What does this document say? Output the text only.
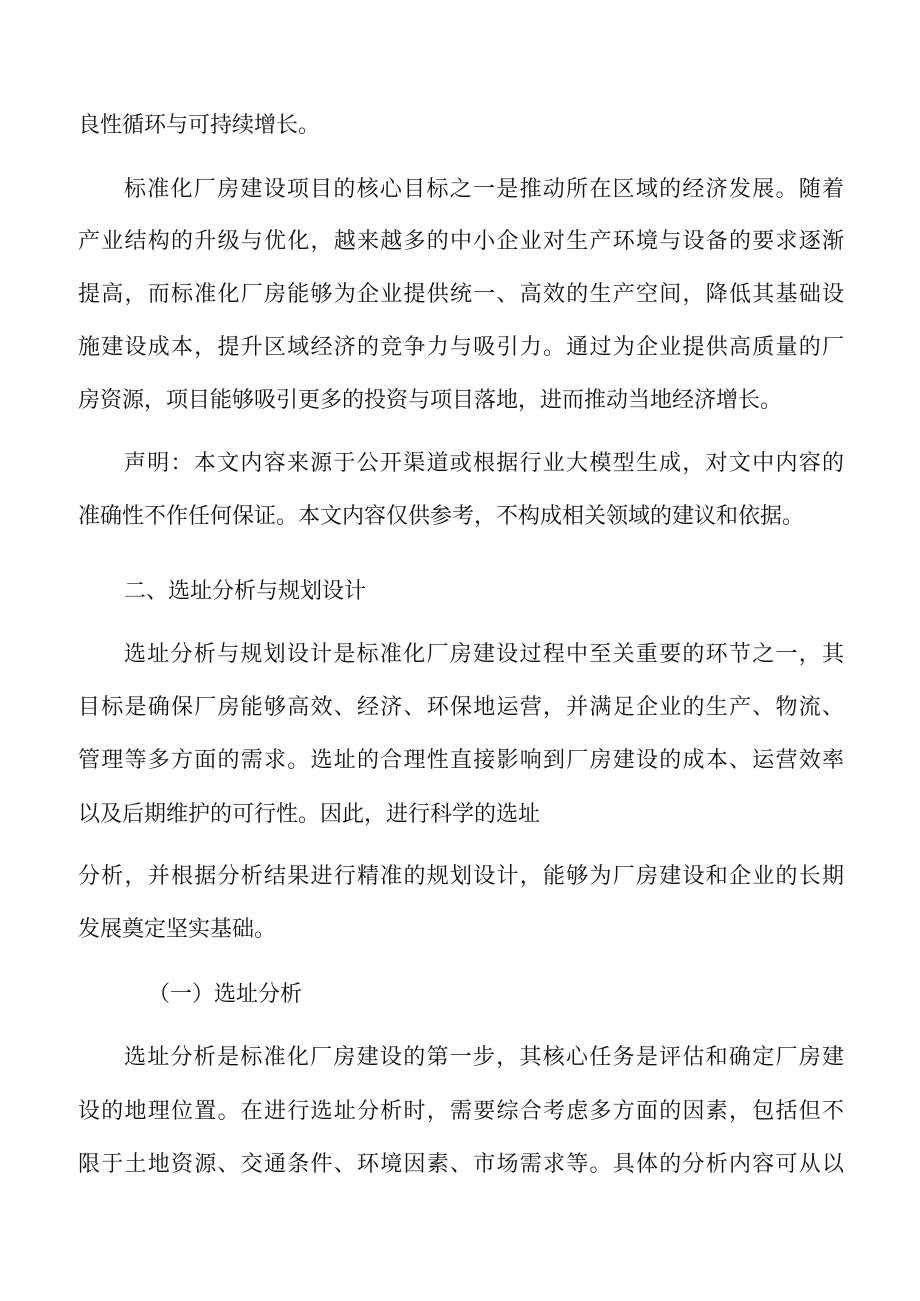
良性循环与可持续增长。
标准化厂房建设项目的核心目标之一是推动所在区域的经济发展。随着
产业结构的升级与优化，越来越多的中小企业对生产环境与设备的要求逐渐
提高，而标准化厂房能够为企业提供统一、高效的生产空间，降低其基础设
施建设成本，提升区域经济的竞争力与吸引力。通过为企业提供高质量的厂
房资源，项目能够吸引更多的投资与项目落地，进而推动当地经济增长。
声明：本文内容来源于公开渠道或根据行业大模型生成，对文中内容的
准确性不作任何保证。本文内容仅供参考，不构成相关领域的建议和依据。
二、选址分析与规划设计
选址分析与规划设计是标准化厂房建设过程中至关重要的环节之一，其
目标是确保厂房能够高效、经济、环保地运营，并满足企业的生产、物流、
管理等多方面的需求。选址的合理性直接影响到厂房建设的成本、运营效率
以及后期维护的可行性。因此，进行科学的选址
分析，并根据分析结果进行精准的规划设计，能够为厂房建设和企业的长期
发展奠定坚实基础。
（一）选址分析
选址分析是标准化厂房建设的第一步，其核心任务是评估和确定厂房建
设的地理位置。在进行选址分析时，需要综合考虑多方面的因素，包括但不
限于土地资源、交通条件、环境因素、市场需求等。具体的分析内容可从以
